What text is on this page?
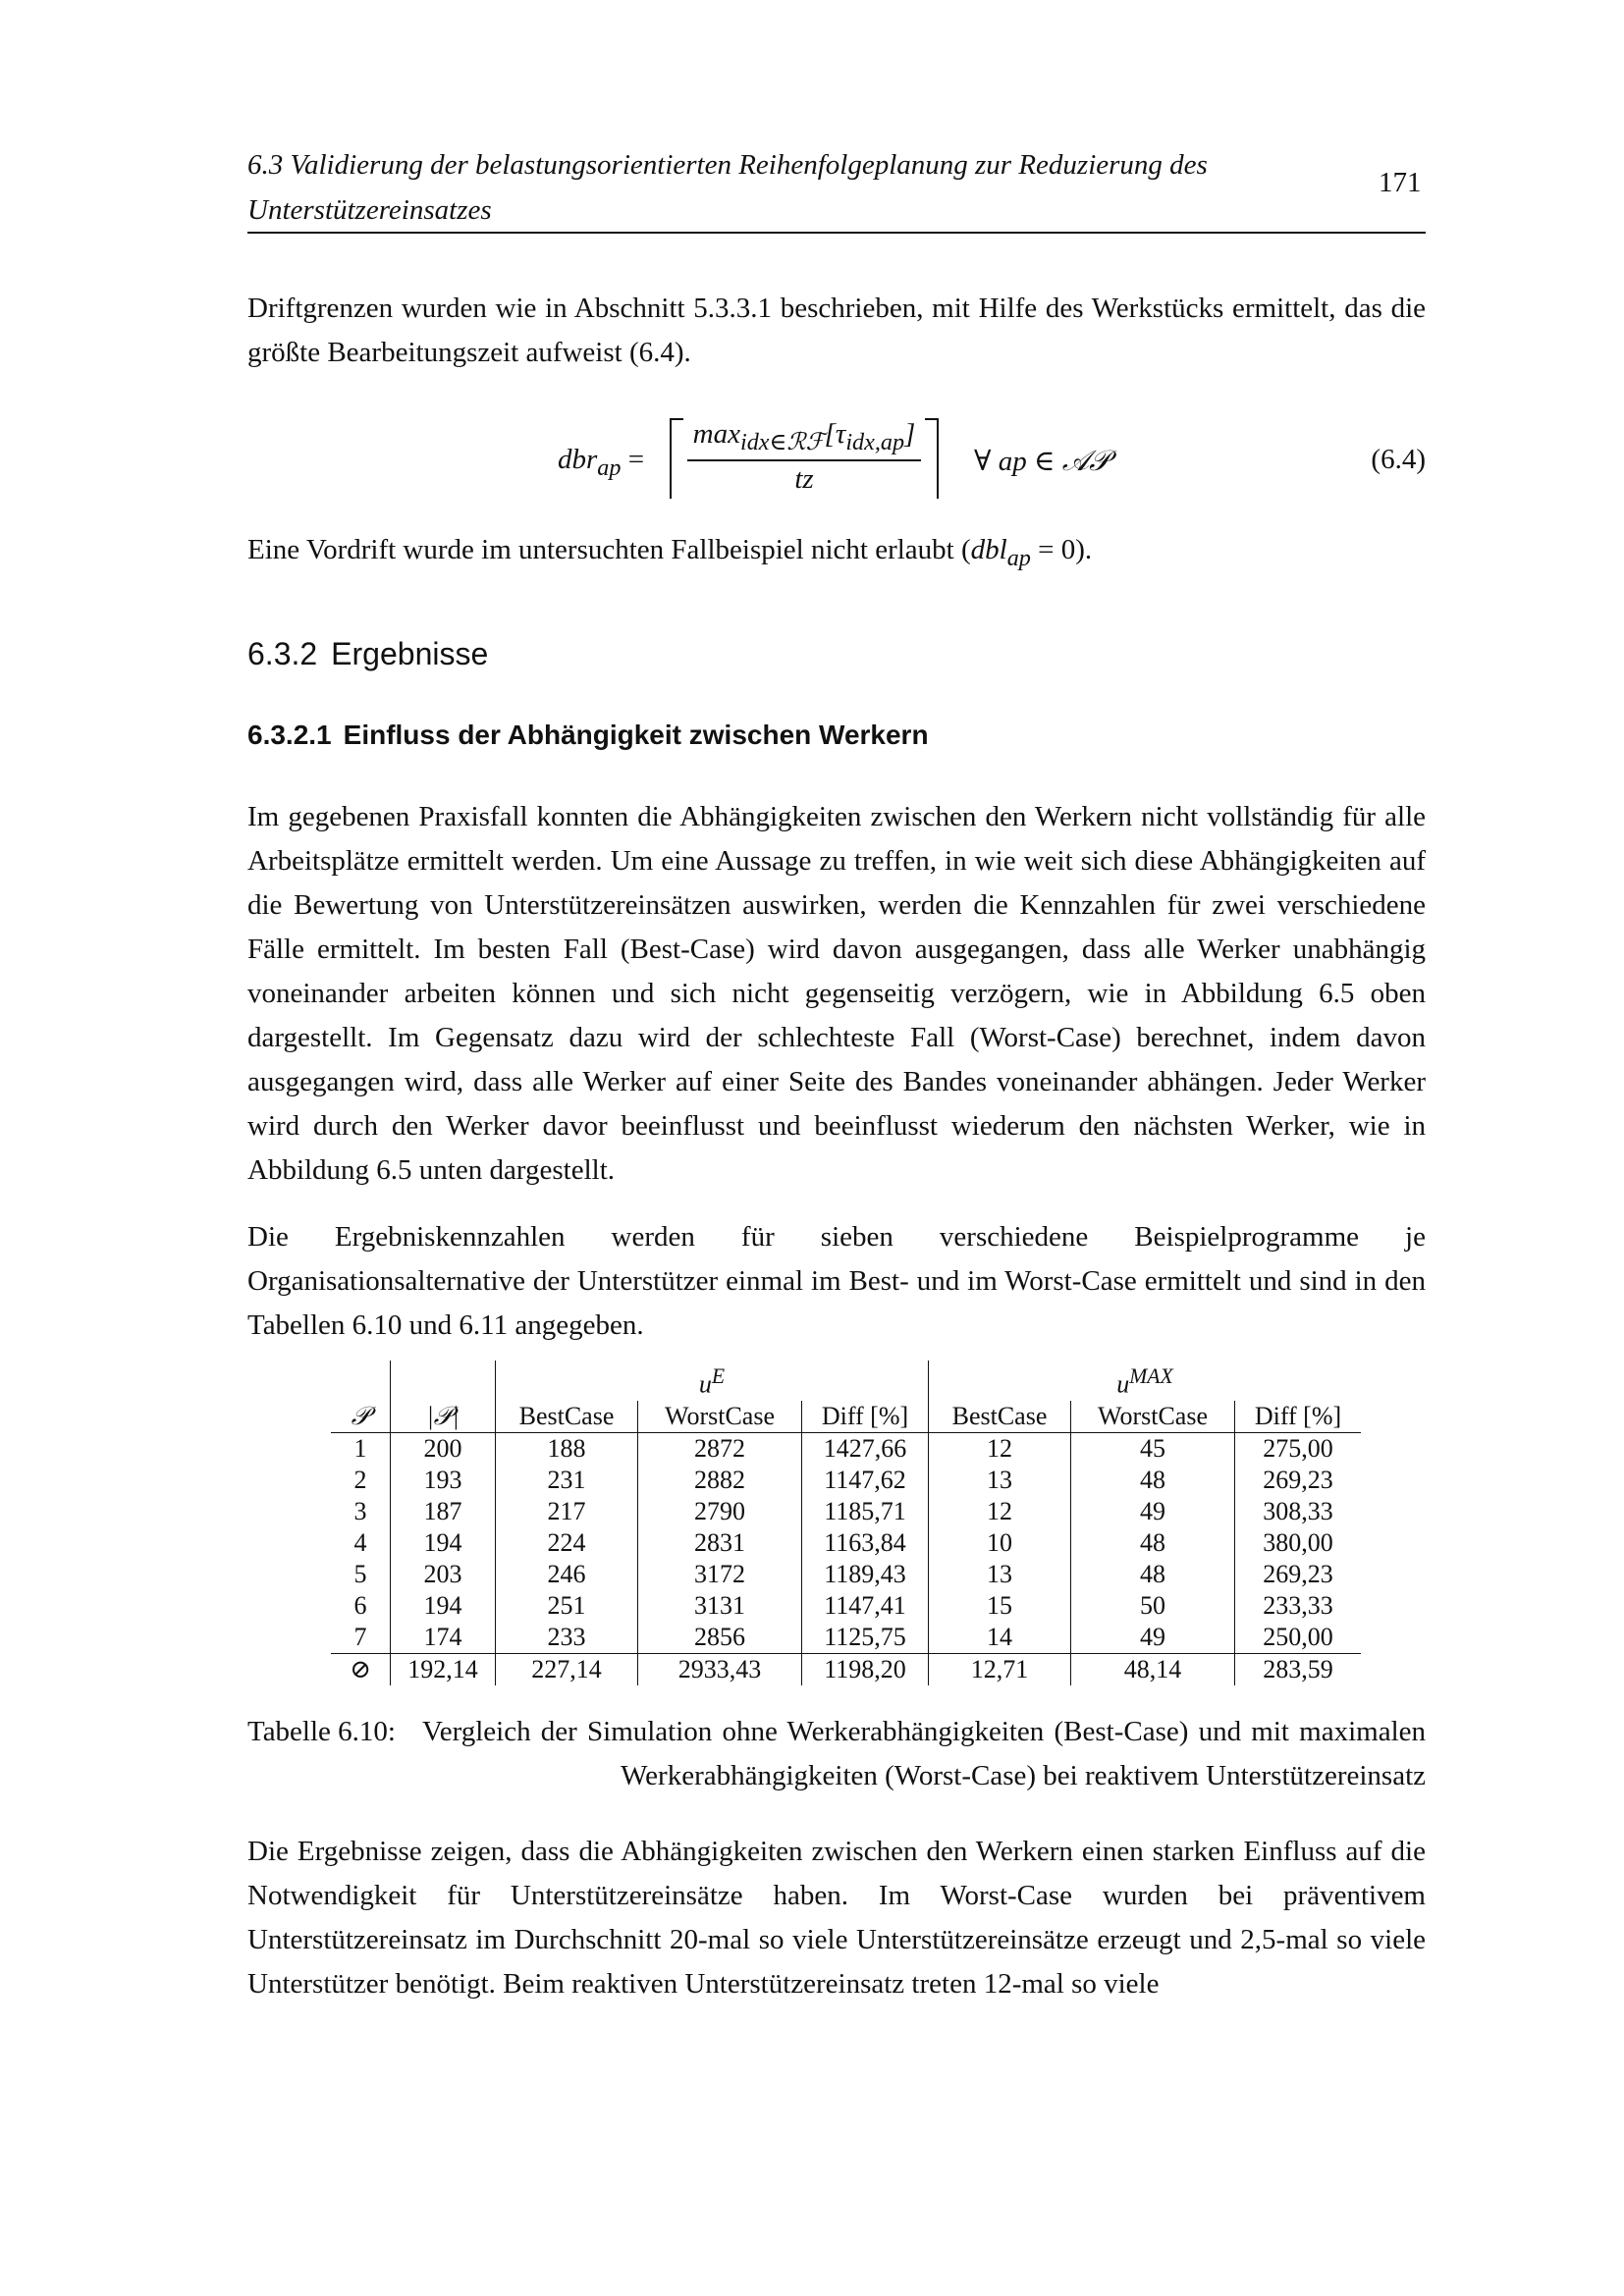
6.3 Validierung der belastungsorientierten Reihenfolgeplanung zur Reduzierung des
Unterstützereinsatzes
171
Driftgrenzen wurden wie in Abschnitt 5.3.3.1 beschrieben, mit Hilfe des Werkstücks ermittelt, das die größte Bearbeitungszeit aufweist (6.4).
dbr$_{ap}$ =
$\max_{idx\in ℛℱ}[\tau_{idx,ap}]$
tz
∀ ap ∈ 𝒜𝒫	(6.4)
Eine Vordrift wurde im untersuchten Fallbeispiel nicht erlaubt (dbl$_{ap}$ = 0).
6.3.2 Ergebnisse
6.3.2.1 Einfluss der Abhängigkeit zwischen Werkern
Im gegebenen Praxisfall konnten die Abhängigkeiten zwischen den Werkern nicht vollständig für alle Arbeitsplätze ermittelt werden. Um eine Aussage zu treffen, in wie weit sich diese Abhängigkeiten auf die Bewertung von Unterstützereinsätzen auswirken, werden die Kennzahlen für zwei verschiedene Fälle ermittelt. Im besten Fall (Best-Case) wird davon ausgegangen, dass alle Werker unabhängig voneinander arbeiten können und sich nicht gegenseitig verzögern, wie in Abbildung 6.5 oben dargestellt. Im Gegensatz dazu wird der schlechteste Fall (Worst-Case) berechnet, indem davon ausgegangen wird, dass alle Werker auf einer Seite des Bandes voneinander abhängen. Jeder Werker wird durch den Werker davor beeinflusst und beeinflusst wiederum den nächsten Werker, wie in Abbildung 6.5 unten dargestellt.
Die Ergebniskennzahlen werden für sieben verschiedene Beispielprogramme je Organisationsalternative der Unterstützer einmal im Best- und im Worst-Case ermittelt und sind in den Tabellen 6.10 und 6.11 angegeben.
		$u^E$			$u^{MAX}$
𝒫	|𝒫|	BestCase	WorstCase	Diff [%]	BestCase	WorstCase	Diff [%]
1	200	188	2872	1427,66	12	45	275,00
2	193	231	2882	1147,62	13	48	269,23
3	187	217	2790	1185,71	12	49	308,33
4	194	224	2831	1163,84	10	48	380,00
5	203	246	3172	1189,43	13	48	269,23
6	194	251	3131	1147,41	15	50	233,33
7	174	233	2856	1125,75	14	49	250,00
⊘	192,14	227,14	2933,43	1198,20	12,71	48,14	283,59
Tabelle 6.10: Vergleich der Simulation ohne Werkerabhängigkeiten (Best-Case) und mit maximalen Werkerabhängigkeiten (Worst-Case) bei reaktivem Unterstützereinsatz
Die Ergebnisse zeigen, dass die Abhängigkeiten zwischen den Werkern einen starken Einfluss auf die Notwendigkeit für Unterstützereinsätze haben. Im Worst-Case wurden bei präventivem Unterstützereinsatz im Durchschnitt 20-mal so viele Unterstützereinsätze erzeugt und 2,5-mal so viele Unterstützer benötigt. Beim reaktiven Unterstützereinsatz treten 12-mal so viele
